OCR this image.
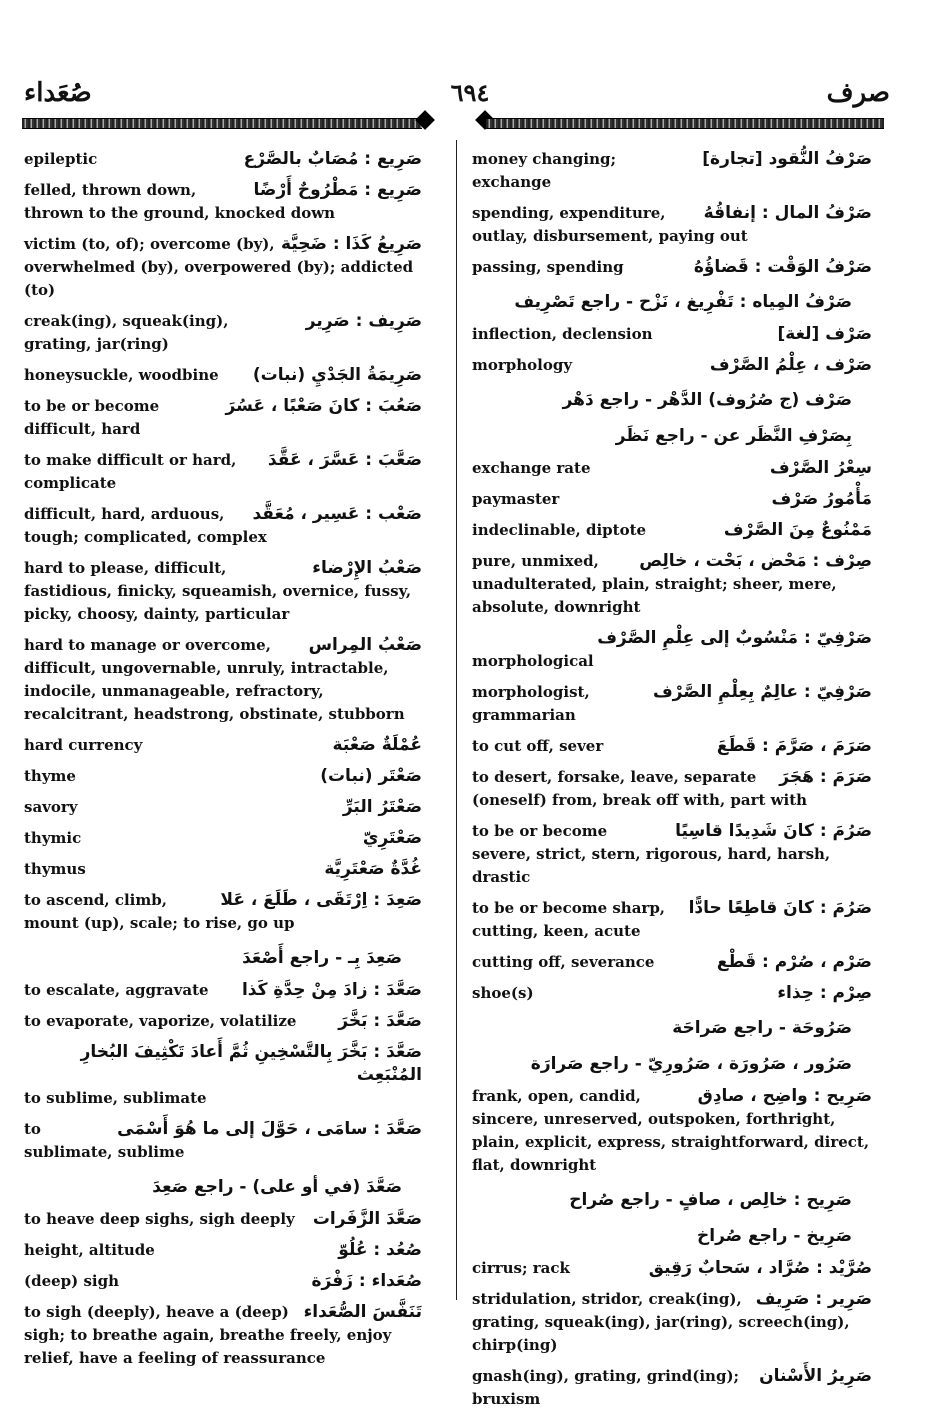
صُعَداء	٦٩٤	صرف
صَرِيع : مُصَابٌ بالصَّرْع
epileptic
صَرِيع : مَطْرُوحٌ أَرْضًا
felled, thrown down, thrown to the ground, knocked down
صَرِيعُ كَذَا : ضَحِيَّة
victim (to, of); overcome (by), overwhelmed (by), overpowered (by); addicted (to)
صَرِيف : صَرِير
creak(ing), squeak(ing), grating, jar(ring)
صَرِيمَةُ الجَدْيِ (نبات)
honeysuckle, woodbine
صَعُبَ : كانَ صَعْبًا ، عَسُرَ
to be or become difficult, hard
صَعَّبَ : عَسَّرَ ، عَقَّدَ
to make difficult or hard, complicate
صَعْب : عَسِير ، مُعَقَّد
difficult, hard, arduous, tough; complicated, complex
صَعْبُ الإِرْضاء
hard to please, difficult, fastidious, finicky, squeamish, overnice, fussy, picky, choosy, dainty, particular
صَعْبُ المِراس
hard to manage or overcome, difficult, ungovernable, unruly, intractable, indocile, unmanageable, refractory, recalcitrant, headstrong, obstinate, stubborn
عُمْلَةٌ صَعْبَة
hard currency
صَعْتَر (نبات)
thyme
صَعْتَرُ البَرِّ
savory
صَعْتَرِيّ
thymic
غُدَّةٌ صَعْتَرِيَّة
thymus
صَعِدَ : اِرْتَقَى ، طَلَعَ ، عَلا
to ascend, climb, mount (up), scale; to rise, go up
صَعِدَ بِـ - راجع أَصْعَدَ
صَعَّدَ : زادَ مِنْ حِدَّةِ كَذا
to escalate, aggravate
صَعَّدَ : بَخَّرَ
to evaporate, vaporize, volatilize
صَعَّدَ : بَخَّرَ بِالتَّسْخِينِ ثُمَّ أَعادَ تَكْثِيفَ البُخارِ المُنْبَعِث
to sublime, sublimate
صَعَّدَ : سامَى ، حَوَّلَ إلى ما هُوَ أَسْمَى
to sublimate, sublime
صَعَّدَ (في أو على) - راجع صَعِدَ
صَعَّدَ الزَّفَرات
to heave deep sighs, sigh deeply
صُعُد : عُلُوّ
height, altitude
صُعَداء : زَفْرَة
(deep) sigh
تَنَفَّسَ الصُّعَداء
to sigh (deeply), heave a (deep) sigh; to breathe again, breathe freely, enjoy relief, have a feeling of reassurance
صَرْفُ النُّقود [تجارة]
money changing; exchange
صَرْفُ المال : إنفاقُهُ
spending, expenditure, outlay, disbursement, paying out
صَرْفُ الوَقْت : قَضاؤُهُ
passing, spending
صَرْفُ المِياه : تَفْرِيغ ، نَزْح - راجع تَصْرِيف
صَرْف [لغة]
inflection, declension
صَرْف ، عِلْمُ الصَّرْف
morphology
صَرْف (ج صُرُوف) الدَّهْر - راجع دَهْر
بِصَرْفِ النَّظَر عن - راجع نَظَر
سِعْرُ الصَّرْف
exchange rate
مَأْمُورُ صَرْف
paymaster
مَمْنُوعٌ مِنَ الصَّرْف
indeclinable, diptote
صِرْف : مَحْض ، بَحْت ، خالِص
pure, unmixed, unadulterated, plain, straight; sheer, mere, absolute, downright
صَرْفِيّ : مَنْسُوبٌ إلى عِلْمِ الصَّرْف
morphological
صَرْفِيّ : عالِمٌ بِعِلْمِ الصَّرْف
morphologist, grammarian
صَرَمَ ، صَرَّمَ : قَطَعَ
to cut off, sever
صَرَمَ : هَجَرَ
to desert, forsake, leave, separate (oneself) from, break off with, part with
صَرُمَ : كانَ شَدِيدًا قاسِيًا
to be or become severe, strict, stern, rigorous, hard, harsh, drastic
صَرُمَ : كانَ قاطِعًا حادًّا
to be or become sharp, cutting, keen, acute
صَرْم ، صُرْم : قَطْع
cutting off, severance
صِرْم : حِذاء
shoe(s)
صَرُوحَة - راجع صَراحَة
صَرُور ، صَرُورَة ، صَرُورِيّ - راجع صَرارَة
صَرِيح : واضِح ، صادِق
frank, open, candid, sincere, unreserved, outspoken, forthright, plain, explicit, express, straightforward, direct, flat, downright
صَرِيح : خالِص ، صافٍ - راجع صُراح
صَرِيخ - راجع صُراخ
صُرَّيْد : صُرَّاد ، سَحابٌ رَقِيق
cirrus; rack
صَرِير : صَرِيف
stridulation, stridor, creak(ing), grating, squeak(ing), jar(ring), screech(ing), chirp(ing)
صَرِيرُ الأَسْنان
gnash(ing), grating, grind(ing); bruxism
